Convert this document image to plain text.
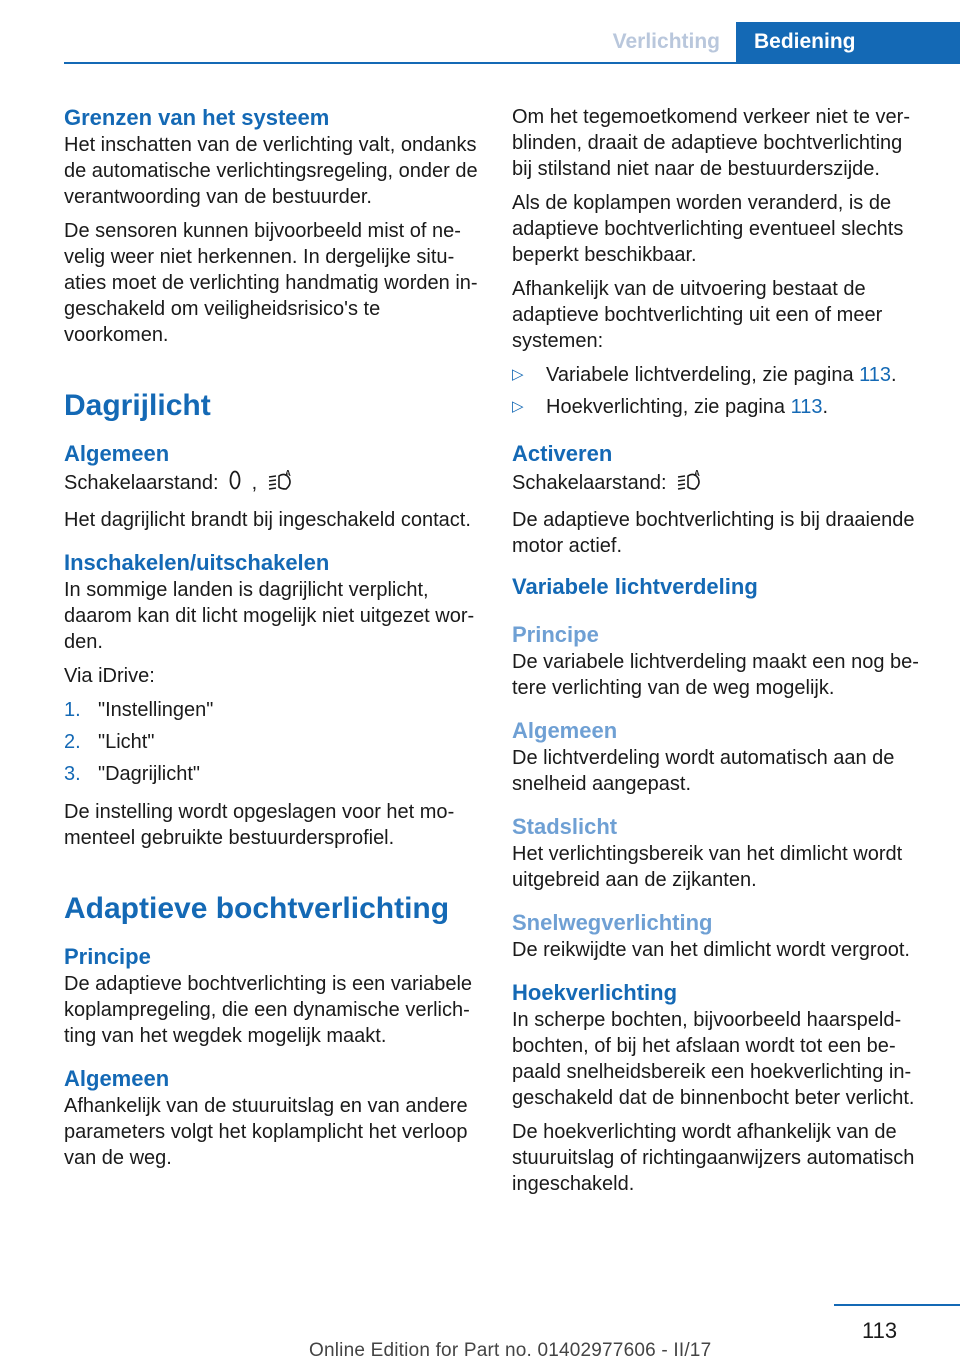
Verlichting	Bediening
Grenzen van het systeem

Het inschatten van de verlichting valt, ondanks de automatische verlichtingsregeling, onder de verantwoording van de bestuurder.

De sensoren kunnen bijvoorbeeld mist of nevelig weer niet herkennen. In dergelijke situaties moet de verlichting handmatig worden ingeschakeld om veiligheidsrisico's te voorkomen.

Dagrijlicht
Algemeen

Schakelaarstand: ,	A

Het dagrijlicht brandt bij ingeschakeld contact.

Inschakelen/uitschakelen

In sommige landen is dagrijlicht verplicht, daarom kan dit licht mogelijk niet uitgezet worden.

Via iDrive:

1. "Instellingen"
2. "Licht"
3. "Dagrijlicht"

De instelling wordt opgeslagen voor het momenteel gebruikte bestuurdersprofiel.

Adaptieve bochtverlichting
Principe

De adaptieve bochtverlichting is een variabele koplampregeling, die een dynamische verlichting van het wegdek mogelijk maakt.

Algemeen

Afhankelijk van de stuuruitslag en van andere parameters volgt het koplamplicht het verloop van de weg.

Om het tegemoetkomend verkeer niet te verblinden, draait de adaptieve bochtverlichting bij stilstand niet naar de bestuurderszijde.

Als de koplampen worden veranderd, is de adaptieve bochtverlichting eventueel slechts beperkt beschikbaar.

Afhankelijk van de uitvoering bestaat de adaptieve bochtverlichting uit een of meer systemen:

▷	Variabele lichtverdeling, zie pagina 113.
▷	Hoekverlichting, zie pagina 113.
Activeren

Schakelaarstand:	A

De adaptieve bochtverlichting is bij draaiende motor actief.

Variabele lichtverdeling
Principe

De variabele lichtverdeling maakt een nog betere verlichting van de weg mogelijk.

Algemeen

De lichtverdeling wordt automatisch aan de snelheid aangepast.

Stadslicht

Het verlichtingsbereik van het dimlicht wordt uitgebreid aan de zijkanten.

Snelwegverlichting

De reikwijdte van het dimlicht wordt vergroot.

Hoekverlichting

In scherpe bochten, bijvoorbeeld haarspeldbochten, of bij het afslaan wordt tot een bepaald snelheidsbereik een hoekverlichting ingeschakeld dat de binnenbocht beter verlicht.

De hoekverlichting wordt afhankelijk van de stuuruitslag of richtingaanwijzers automatisch ingeschakeld.

113
Online Edition for Part no. 01402977606 - II/17
